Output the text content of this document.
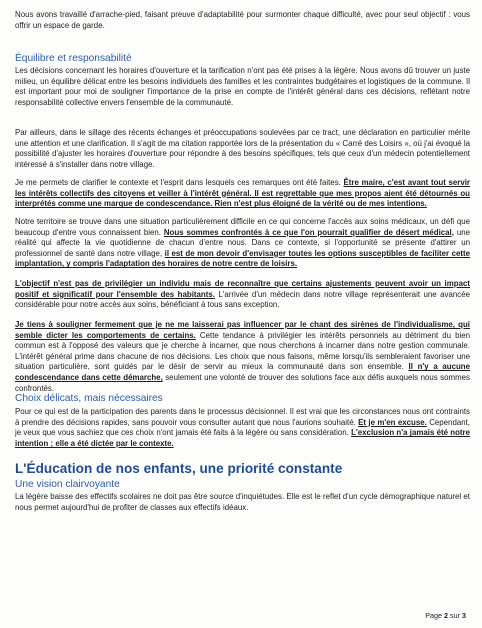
Nous avons travaillé d'arrache-pied, faisant preuve d'adaptabilité pour surmonter chaque difficulté, avec pour seul objectif : vous offrir un espace de garde.

Équilibre et responsabilité

Les décisions concernant les horaires d'ouverture et la tarification n'ont pas été prises à la légère. Nous avons dû trouver un juste milieu, un équilibre délicat entre les besoins individuels des familles et les contraintes budgétaires et logistiques de la commune. Il est important pour moi de souligner l'importance de la prise en compte de l'intérêt général dans ces décisions, reflétant notre responsabilité collective envers l'ensemble de la communauté.

Par ailleurs, dans le sillage des récents échanges et préoccupations soulevées par ce tract, une déclaration en particulier mérite une attention et une clarification. Il s'agit de ma citation rapportée lors de la présentation du « Carré des Loisirs », où j'ai évoqué la possibilité d'ajuster les horaires d'ouverture pour répondre à des besoins spécifiques, tels que ceux d'un médecin potentiellement intéressé à s'installer dans notre village.

Je me permets de clarifier le contexte et l'esprit dans lesquels ces remarques ont été faites. Être maire, c'est avant tout servir les intérêts collectifs des citoyens et veiller à l'intérêt général. Il est regrettable que mes propos aient été détournés ou interprétés comme une marque de condescendance. Rien n'est plus éloigné de la vérité ou de mes intentions.

Notre territoire se trouve dans une situation particulièrement difficile en ce qui concerne l'accès aux soins médicaux, un défi que beaucoup d'entre vous connaissent bien. Nous sommes confrontés à ce que l'on pourrait qualifier de désert médical, une réalité qui affecte la vie quotidienne de chacun d'entre nous. Dans ce contexte, si l'opportunité se présente d'attirer un professionnel de santé dans notre village, il est de mon devoir d'envisager toutes les options susceptibles de faciliter cette implantation, y compris l'adaptation des horaires de notre centre de loisirs.

L'objectif n'est pas de privilégier un individu mais de reconnaître que certains ajustements peuvent avoir un impact positif et significatif pour l'ensemble des habitants. L'arrivée d'un médecin dans notre village représenterait une avancée considérable pour notre accès aux soins, bénéficiant à tous sans exception.

Je tiens à souligner fermement que je ne me laisserai pas influencer par le chant des sirènes de l'individualisme, qui semble dicter les comportements de certains. Cette tendance à privilégier les intérêts personnels au détriment du bien commun est à l'opposé des valeurs que je cherche à incarner, que nous cherchons à incarner dans notre gestion communale. L'intérêt général prime dans chacune de nos décisions. Les choix que nous faisons, même lorsqu'ils sembleraient favoriser une situation particulière, sont guidés par le désir de servir au mieux la communauté dans son ensemble. Il n'y a aucune condescendance dans cette démarche, seulement une volonté de trouver des solutions face aux défis auxquels nous sommes confrontés.

Choix délicats, mais nécessaires

Pour ce qui est de la participation des parents dans le processus décisionnel. Il est vrai que les circonstances nous ont contraints à prendre des décisions rapides, sans pouvoir vous consulter autant que nous l'aurions souhaité. Et je m'en excuse. Cependant, je veux que vous sachiez que ces choix n'ont jamais été faits à la légère ou sans considération. L'exclusion n'a jamais été notre intention ; elle a été dictée par le contexte.

L'Éducation de nos enfants, une priorité constante
Une vision clairvoyante

La légère baisse des effectifs scolaires ne doit pas être source d'inquiétudes. Elle est le reflet d'un cycle démographique naturel et nous permet aujourd'hui de profiter de classes aux effectifs idéaux.

Page 2 sur 3
